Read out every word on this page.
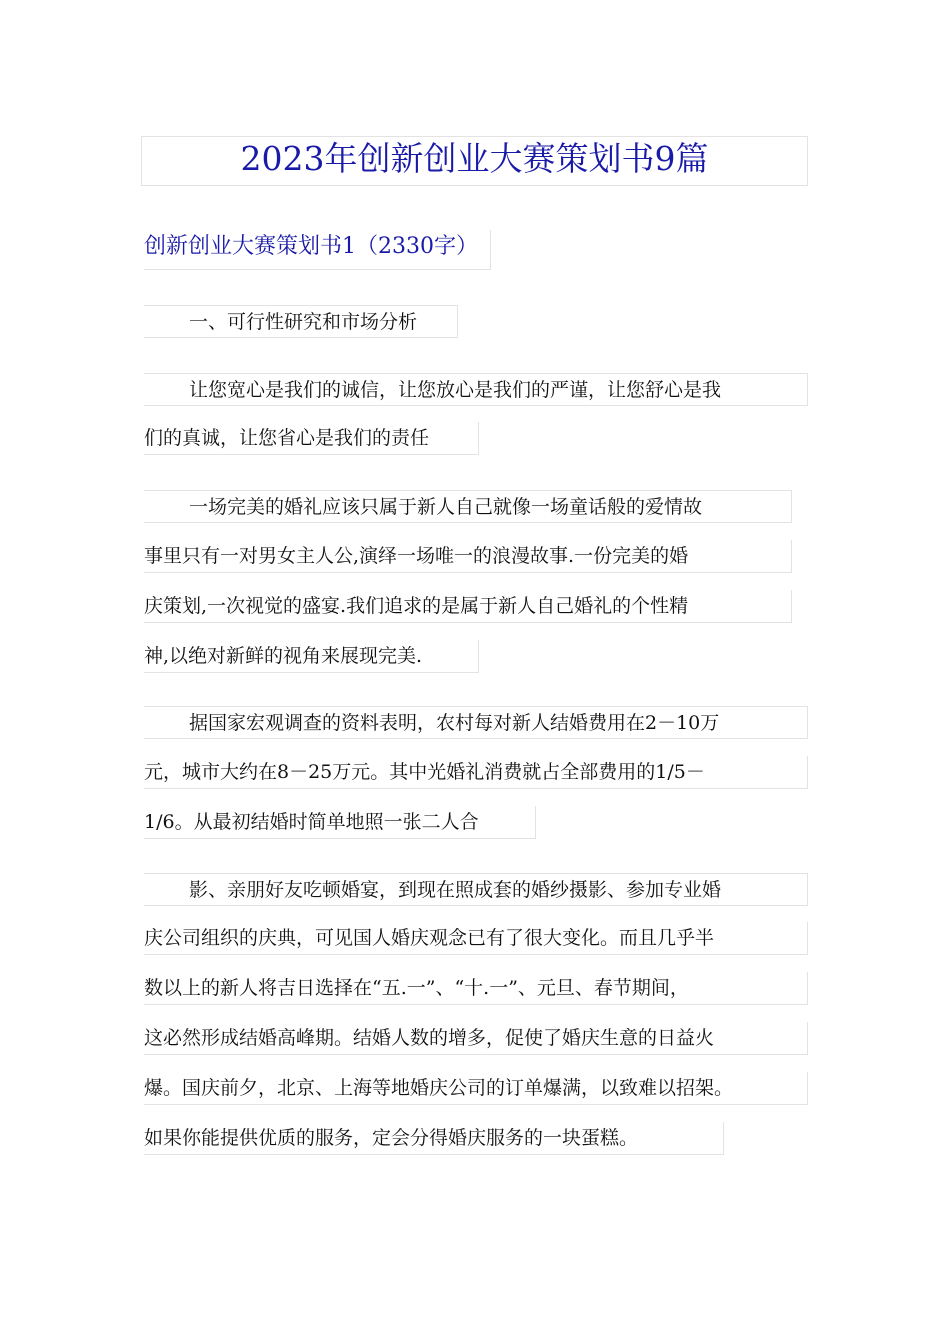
2023年创新创业大赛策划书9篇
创新创业大赛策划书1（2330字）
一、可行性研究和市场分析
让您宽心是我们的诚信，让您放心是我们的严谨，让您舒心是我
们的真诚，让您省心是我们的责任
一场完美的婚礼应该只属于新人自己就像一场童话般的爱情故
事里只有一对男女主人公,演绎一场唯一的浪漫故事.一份完美的婚
庆策划,一次视觉的盛宴.我们追求的是属于新人自己婚礼的个性精
神,以绝对新鲜的视角来展现完美.
据国家宏观调查的资料表明，农村每对新人结婚费用在2－10万
元，城市大约在8－25万元。其中光婚礼消费就占全部费用的1/5－
1/6。从最初结婚时简单地照一张二人合
影、亲朋好友吃顿婚宴，到现在照成套的婚纱摄影、参加专业婚
庆公司组织的庆典，可见国人婚庆观念已有了很大变化。而且几乎半
数以上的新人将吉日选择在“五.一”、“十.一”、元旦、春节期间，
这必然形成结婚高峰期。结婚人数的增多，促使了婚庆生意的日益火
爆。国庆前夕，北京、上海等地婚庆公司的订单爆满，以致难以招架。
如果你能提供优质的服务，定会分得婚庆服务的一块蛋糕。
